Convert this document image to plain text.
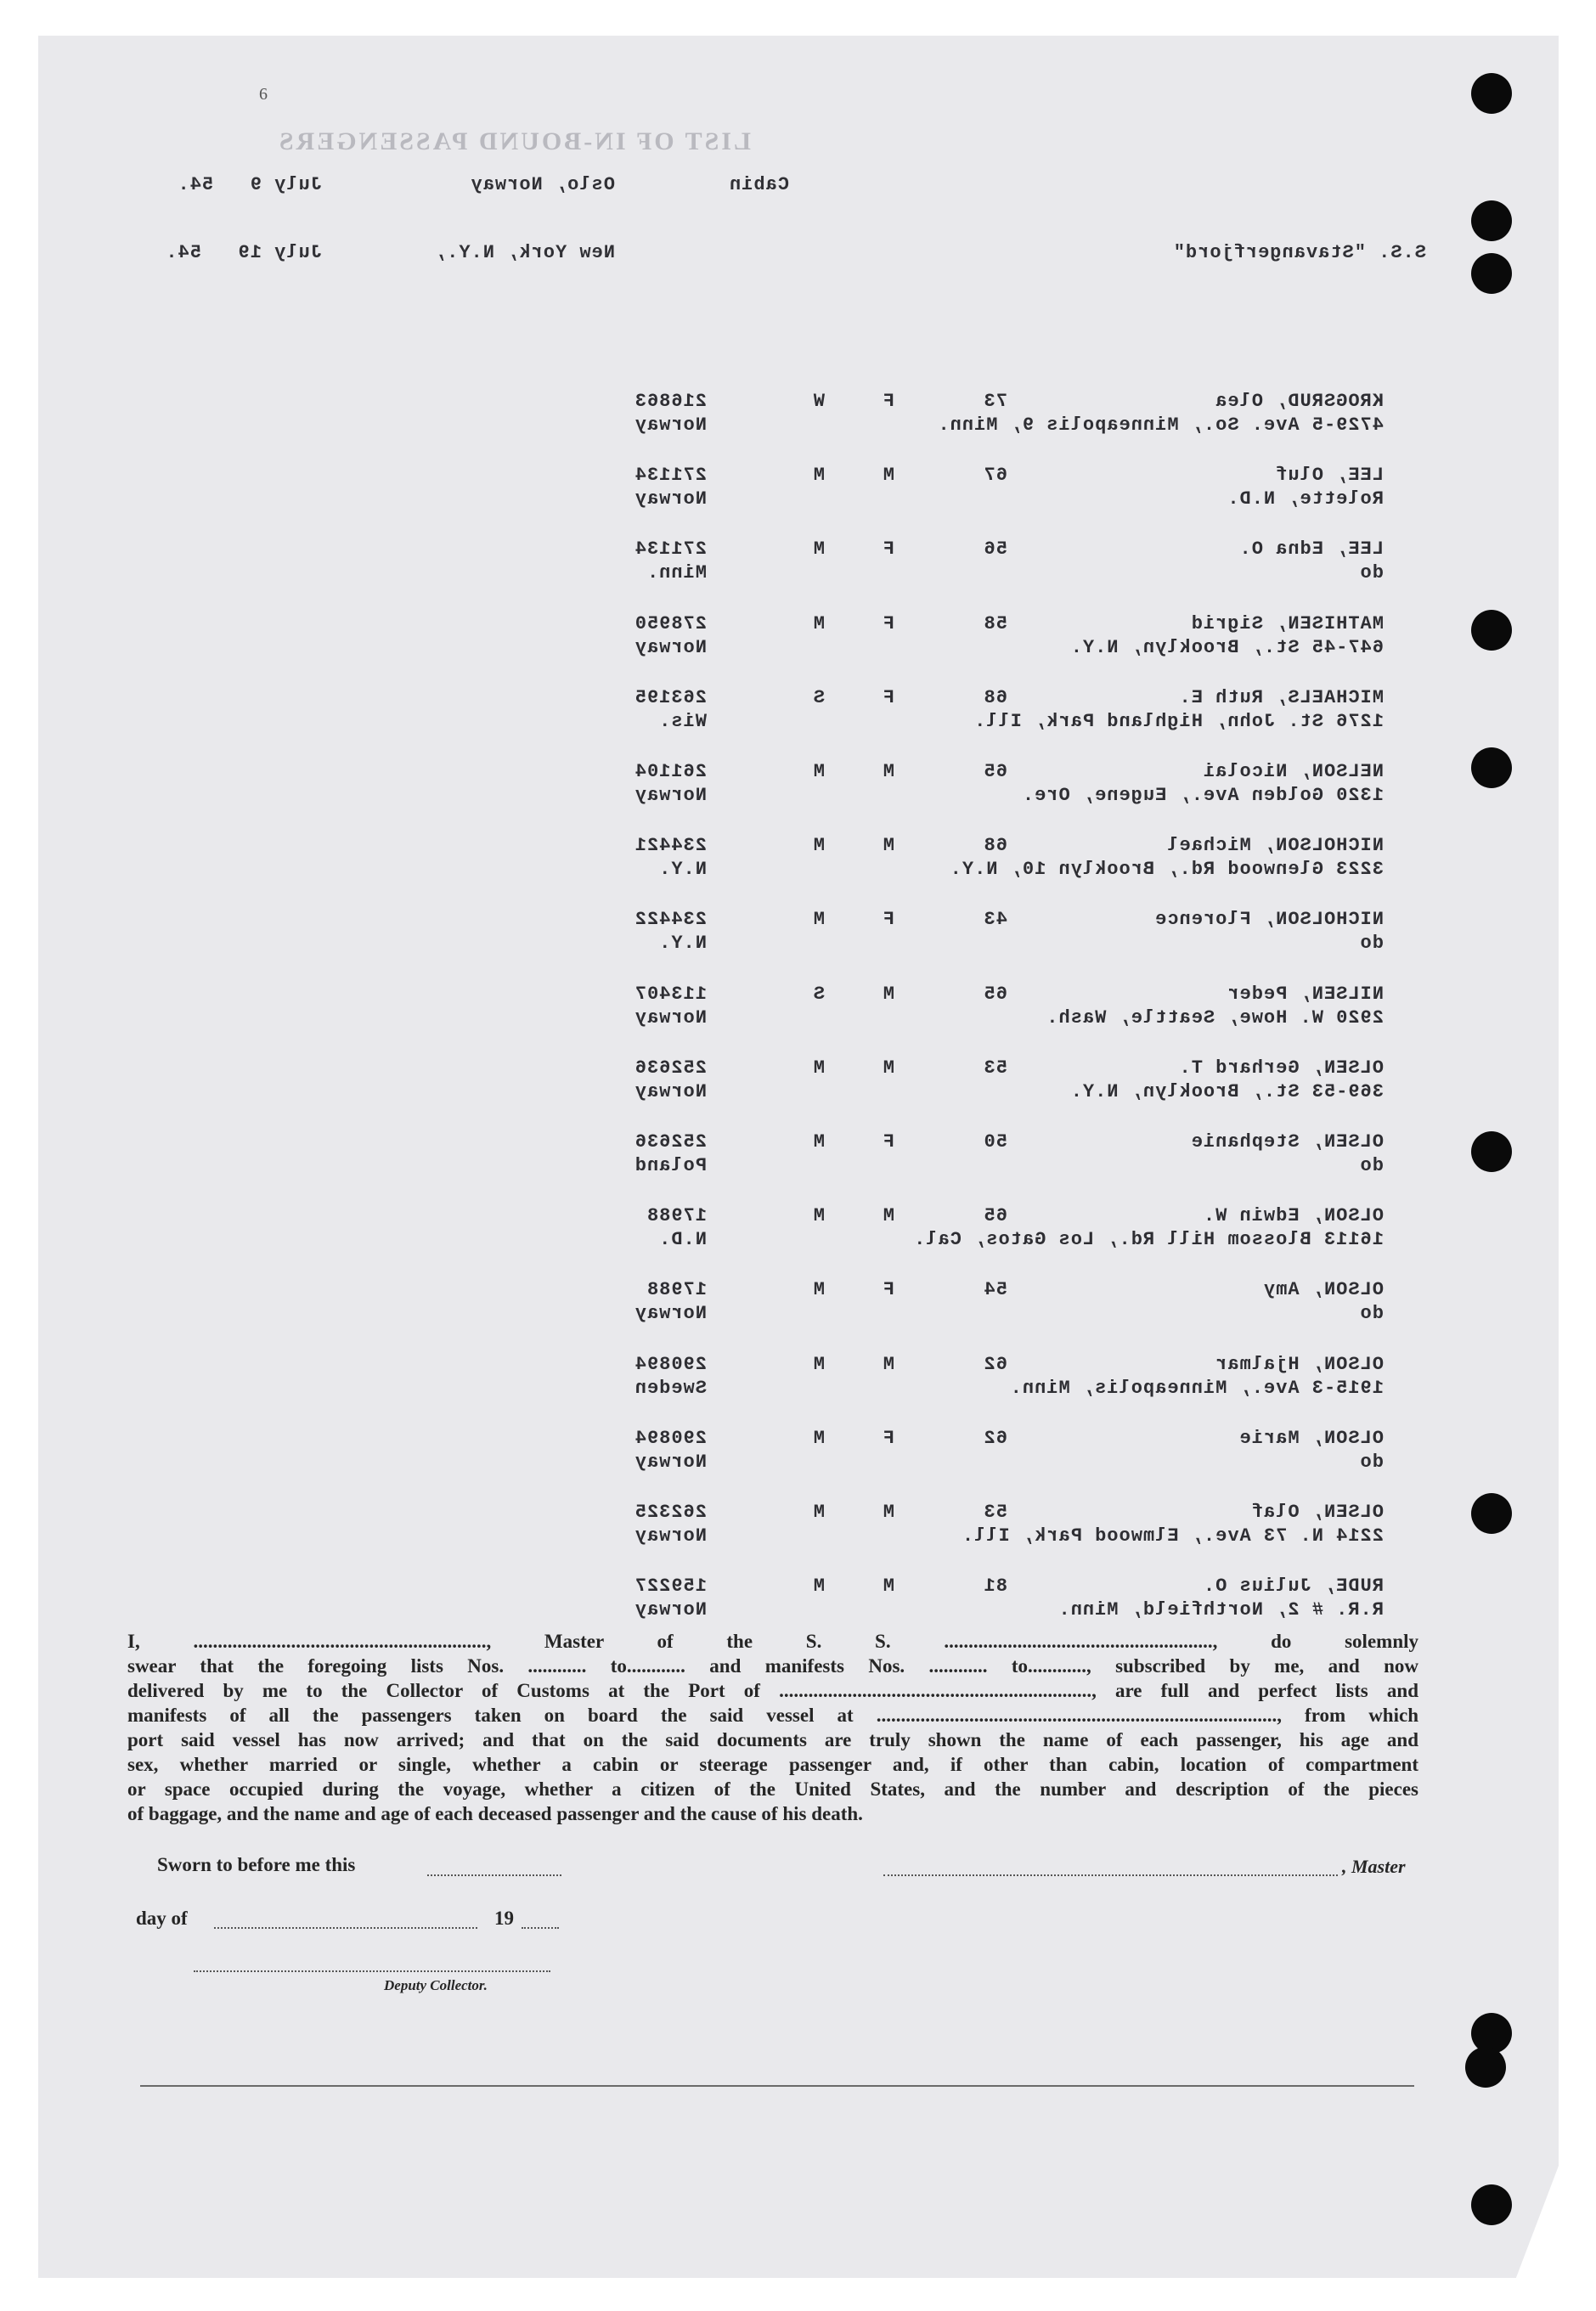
6
LIST OF IN-BOUND PASSENGERS
July 9   54.	Oslo, Norway	Cabin
July 19   54.	New York, N.Y.,	S.S. "Stavangerfjord"
216863	W	F	73	KROGSRUD, Olea
Norway	4729-5 Ave. So., Minneapolis 9, Minn.
271134	M	M	67	LEE, Oluf
Norway	Rolette, N.D.
271134	M	F	56	LEE, Edna O.
Minn.	do
278950	M	F	58	MATHISEN, Sigrid
Norway	647-45 St., Brooklyn, N.Y.
263195	S	F	68	MICHAELS, Ruth E.
Wis.	1276 St. John, Highland Park, Ill.
261104	M	M	65	NELSON, Nicolai
Norway	1320 Golden Ave., Eugene, Ore.
234421	M	M	68	NICHOLSON, Michael
N.Y.	3223 Glenwood Rd., Brooklyn 10, N.Y.
234422	M	F	43	NICHOLSON, Florence
N.Y.	do
113407	S	M	65	NILSEN, Peder
Norway	2920 W. Howe, Seattle, Wash.
252636	M	M	53	OLSEN, Gerhard T.
Norway	369-53 St., Brooklyn, N.Y.
252636	M	F	50	OLSEN, Stephanie
Poland	do
17988	M	M	65	OLSON, Edwin W.
N.D.	16113 Blossom Hill Rd., Los Gatos, Cal.
17988	M	F	54	OLSON, Amy
Norway	do
290894	M	M	62	OLSON, Hjalmar
Sweden	1915-3 Ave., Minneapolis, Minn.
290894	M	F	62	OLSON, Marie
Norway	do
262325	M	M	53	OLSEN, Olaf
Norway	2214 N. 73 Ave., Elmwood Park, Ill.
159227	M	M	81	RUDE, Julius O.
Norway	R.R. # 2, Northfield, Minn.

I, ............................................................, Master of the S. S. ......................................................., do solemnly

swear that the foregoing lists Nos. ............ to............ and manifests Nos. ............ to............, subscribed by me, and now

delivered by me to the Collector of Customs at the Port of ................................................................, are full and perfect lists and

manifests of all the passengers taken on board the said vessel at .................................................................................., from which

port said vessel has now arrived; and that on the said documents are truly shown the name of each passenger, his age and

sex, whether married or single, whether a cabin or steerage passenger and, if other than cabin, location of compartment

or space occupied during the voyage, whether a citizen of the United States, and the number and description of the pieces

of baggage, and the name and age of each deceased passenger and the cause of his death.

Sworn to before me this	, Master
day of	19
Deputy Collector.
